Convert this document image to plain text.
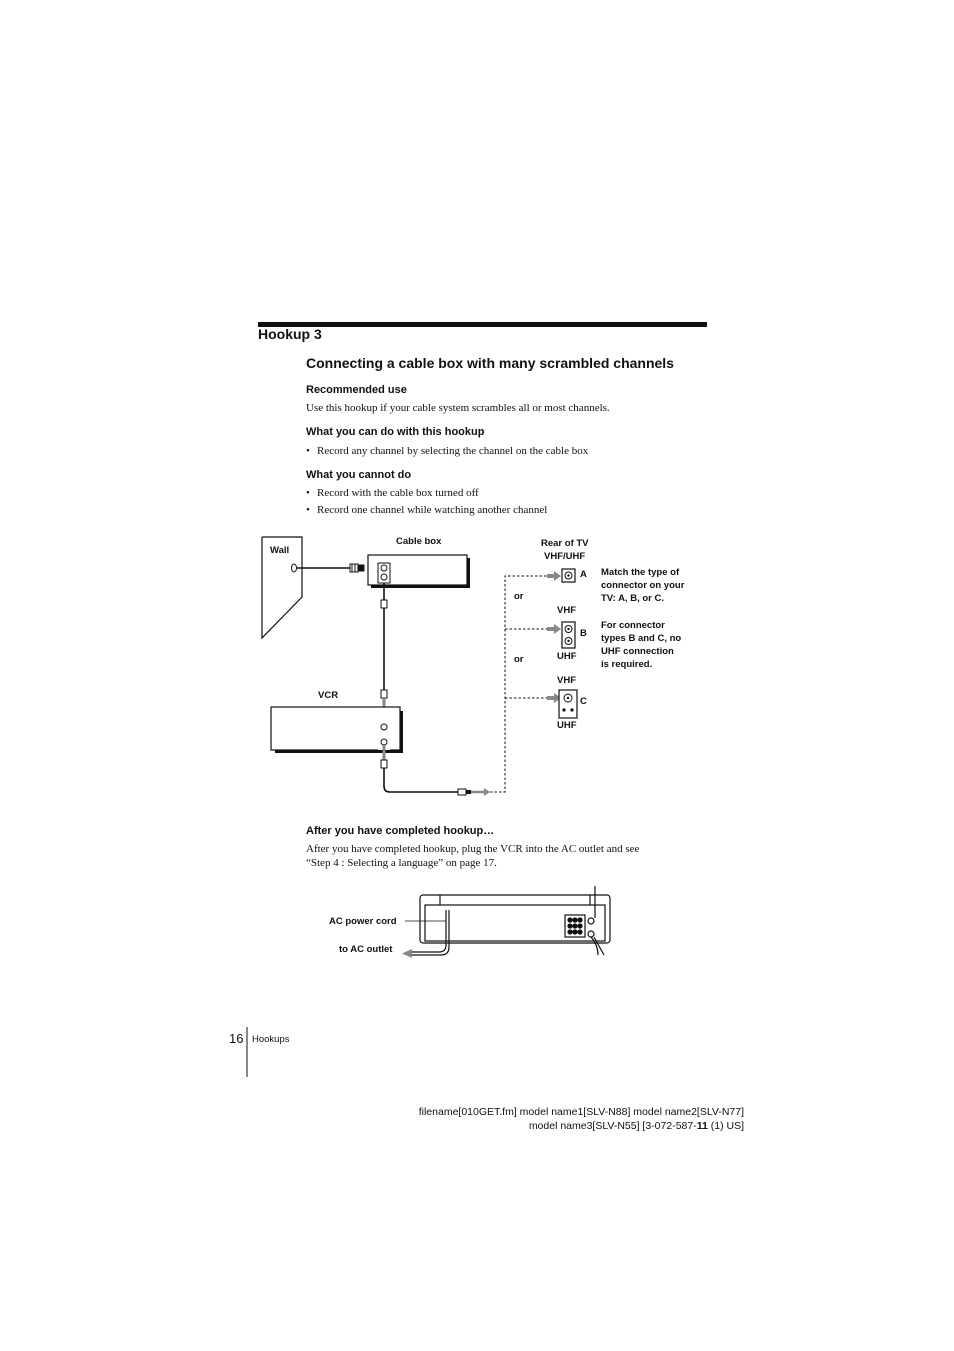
Hookup 3
Connecting a cable box with many scrambled channels
Recommended use
Use this hookup if your cable system scrambles all or most channels.
What you can do with this hookup
• Record any channel by selecting the channel on the cable box
What you cannot do
• Record with the cable box turned off
• Record one channel while watching another channel
Wall
Cable box
VCR
Rear of TV
VHF/UHF
or
or
A
B
C
VHF
UHF
VHF
UHF
Match the type of
connector on your
TV: A, B, or C.
For connector
types B and C, no
UHF connection
is required.
After you have completed hookup…
After you have completed hookup, plug the VCR into the AC outlet and see
“Step 4 : Selecting a language” on page 17.
AC power cord
to AC outlet
16 Hookups
filename[010GET.fm] model name1[SLV-N88] model name2[SLV-N77]
model name3[SLV-N55] [3-072-587-11 (1) US]
